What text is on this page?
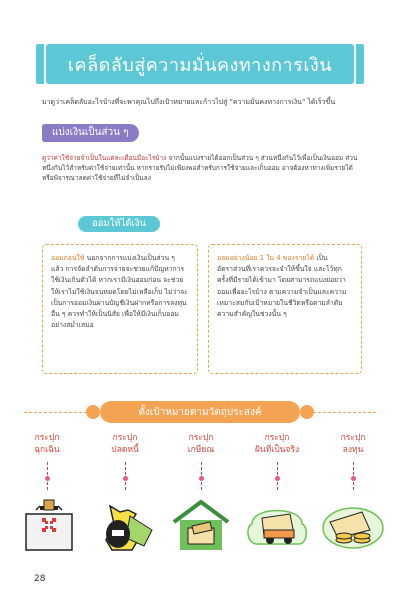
เคล็ดลับสู่ความมั่นคงทางการเงิน
มาดูว่าเคล็ดลับอะไรบ้างที่จะพาคุณไปถึงเป้าหมายและก้าวไปสู่ "ความมั่นคงทางการเงิน" ได้เร็วขึ้น
แบ่งเงินเป็นส่วน ๆ
ดูว่าค่าใช้จ่ายจำเป็นในแต่ละเดือนมีอะไรบ้าง จากนั้นแบ่งรายได้ออกเป็นส่วน ๆ ส่วนหนึ่งกันไว้เพื่อเป็นเงินออม ส่วนหนึ่งกันไว้สำหรับค่าใช้จ่ายเท่านั้น หากรายรับไม่เพียงพอสำหรับการใช้จ่ายและเก็บออม อาจต้องหาทางเพิ่มรายได้ หรือพิจารณาลดค่าใช้จ่ายที่ไม่จำเป็นลง
ออมให้ได้เงิน
ออมก่อนใช้ นอกจากการแบ่งเงินเป็นส่วน ๆ แล้ว การจัดลำดับการจ่ายจะช่วยแก้ปัญหาการใช้เงินเกินตัวได้ หากเรามีเงินออมก่อน จะช่วยให้เราไม่ใช้เงินจนหมดโดยไม่เหลือเก็บ ไม่ว่าจะเป็นการออมเงินผ่านบัญชีเงินฝากหรือการลงทุนอื่น ๆ ควรทำให้เป็นนิสัย เพื่อให้มีเงินเก็บออมอย่างสม่ำเสมอ
ออมอย่างน้อย 1 ใน 4 ของรายได้ เป็นอัตราส่วนที่เราควรจะจำให้ขึ้นใจ และไว้ทุกครั้งที่มีรายได้เข้ามา โดยสามารถแบ่งย่อยว่าออมเพื่ออะไรบ้าง ตามความจำเป็นและความเหมาะสมกับเป้าหมายในชีวิตหรือตามลำดับความสำคัญในช่วงนั้น ๆ
ตั้งเป้าหมายตามวัตถุประสงค์
กระปุก
ฉุกเฉิน
กระปุก
ปลดหนี้
กระปุก
เกษียณ
กระปุก
ฝันที่เป็นจริง
กระปุก
ลงทุน
28
